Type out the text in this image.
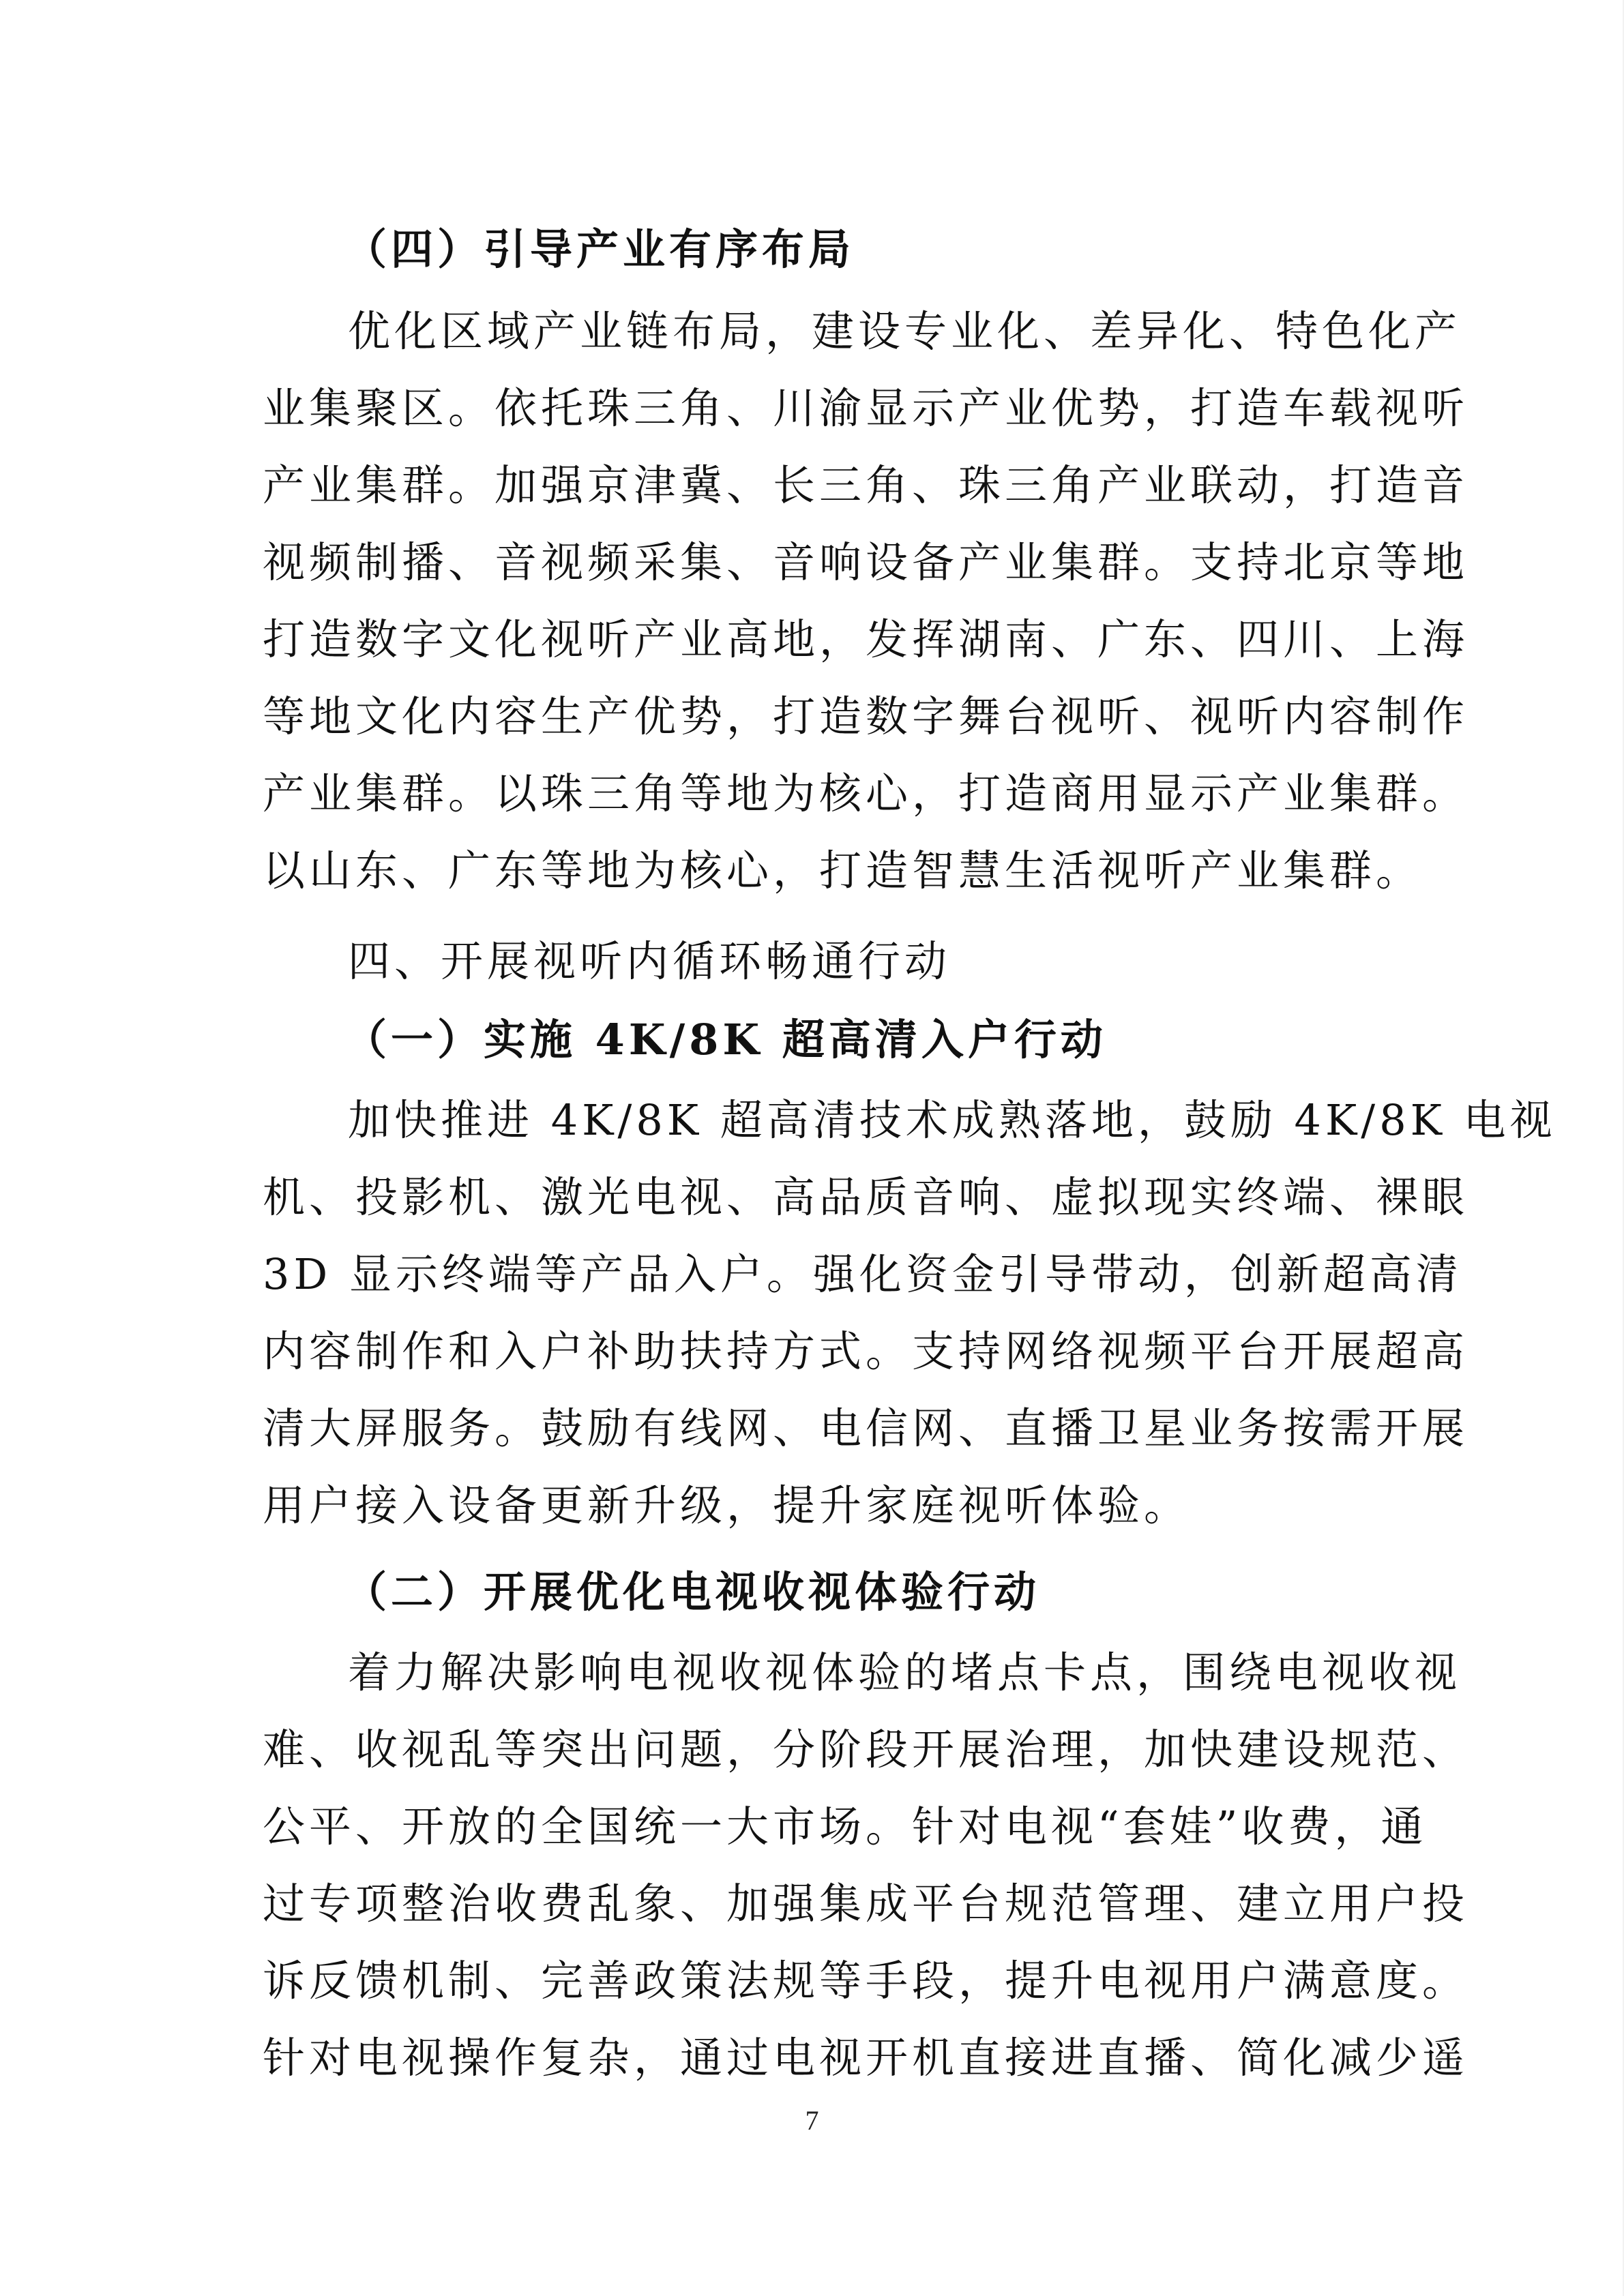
（四）引导产业有序布局
优化区域产业链布局，建设专业化、差异化、特色化产
业集聚区。依托珠三角、川渝显示产业优势，打造车载视听
产业集群。加强京津冀、长三角、珠三角产业联动，打造音
视频制播、音视频采集、音响设备产业集群。支持北京等地
打造数字文化视听产业高地，发挥湖南、广东、四川、上海
等地文化内容生产优势，打造数字舞台视听、视听内容制作
产业集群。以珠三角等地为核心，打造商用显示产业集群。
以山东、广东等地为核心，打造智慧生活视听产业集群。
四、开展视听内循环畅通行动
（一）实施 4K/8K 超高清入户行动
加快推进 4K/8K 超高清技术成熟落地，鼓励 4K/8K 电视
机、投影机、激光电视、高品质音响、虚拟现实终端、裸眼
3D 显示终端等产品入户。强化资金引导带动，创新超高清
内容制作和入户补助扶持方式。支持网络视频平台开展超高
清大屏服务。鼓励有线网、电信网、直播卫星业务按需开展
用户接入设备更新升级，提升家庭视听体验。
（二）开展优化电视收视体验行动
着力解决影响电视收视体验的堵点卡点，围绕电视收视
难、收视乱等突出问题，分阶段开展治理，加快建设规范、
公平、开放的全国统一大市场。针对电视“套娃”收费，通
过专项整治收费乱象、加强集成平台规范管理、建立用户投
诉反馈机制、完善政策法规等手段，提升电视用户满意度。
针对电视操作复杂，通过电视开机直接进直播、简化减少遥
7
